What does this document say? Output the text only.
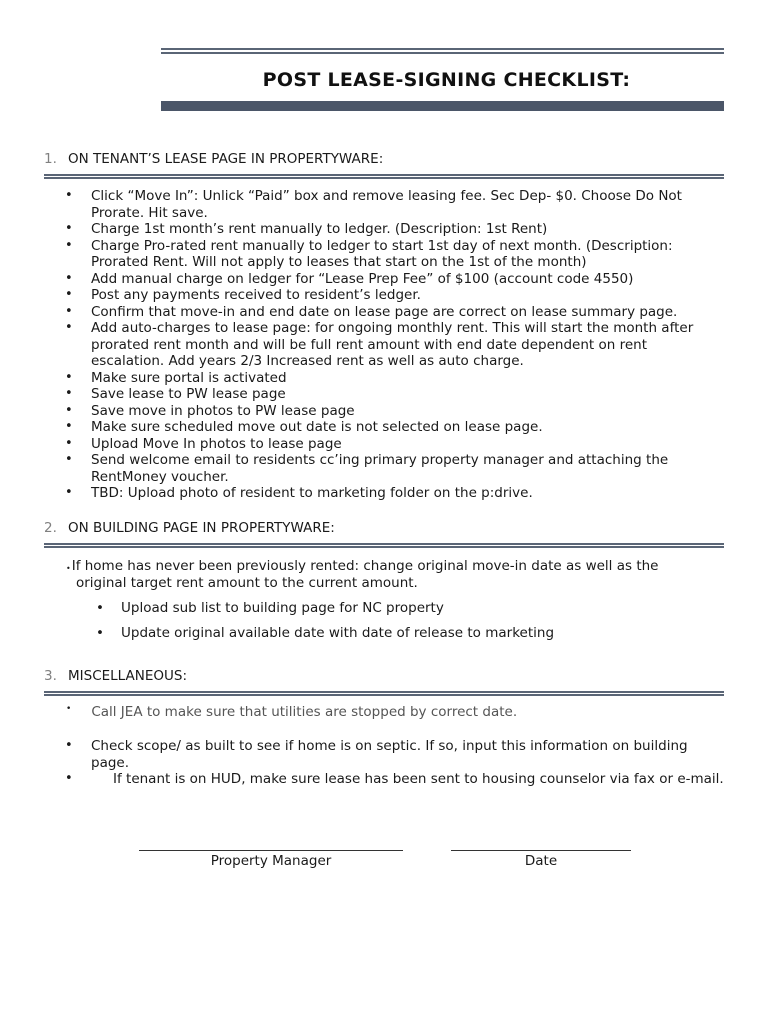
POST LEASE-SIGNING CHECKLIST:
1. ON TENANT’S LEASE PAGE IN PROPERTYWARE:
• Click “Move In”: Unlick “Paid” box and remove leasing fee. Sec Dep- $0. Choose Do Not Prorate. Hit save.
• Charge 1st month’s rent manually to ledger. (Description: 1st Rent)
• Charge Pro-rated rent manually to ledger to start 1st day of next month. (Description: Prorated Rent. Will not apply to leases that start on the 1st of the month)
• Add manual charge on ledger for “Lease Prep Fee” of $100 (account code 4550)
• Post any payments received to resident’s ledger.
• Confirm that move-in and end date on lease page are correct on lease summary page.
• Add auto-charges to lease page: for ongoing monthly rent. This will start the month after prorated rent month and will be full rent amount with end date dependent on rent escalation. Add years 2/3 Increased rent as well as auto charge.
• Make sure portal is activated
• Save lease to PW lease page
• Save move in photos to PW lease page
• Make sure scheduled move out date is not selected on lease page.
• Upload Move In photos to lease page
• Send welcome email to residents cc’ing primary property manager and attaching the RentMoney voucher.
• TBD: Upload photo of resident to marketing folder on the p:drive.
2. ON BUILDING PAGE IN PROPERTYWARE:
•If home has never been previously rented: change original move-in date as well as the
original target rent amount to the current amount.
• Upload sub list to building page for NC property
• Update original available date with date of release to marketing
3. MISCELLANEOUS:
• Call JEA to make sure that utilities are stopped by correct date.
• Check scope/ as built to see if home is on septic. If so, input this information on building page.
•	If tenant is on HUD, make sure lease has been sent to housing counselor via fax or e-mail.
Property Manager	Date
